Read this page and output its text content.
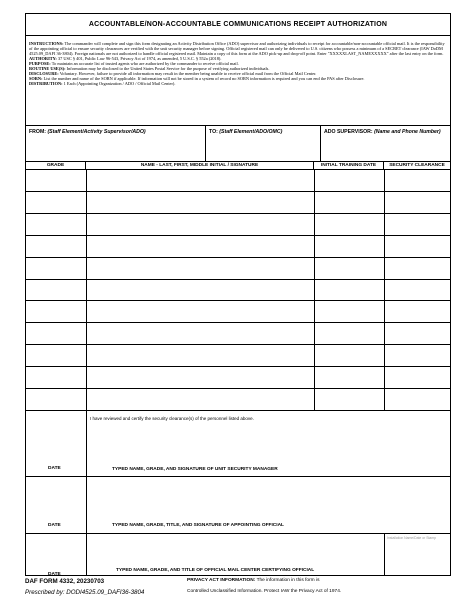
ACCOUNTABLE/NON-ACCOUNTABLE COMMUNICATIONS RECEIPT AUTHORIZATION
INSTRUCTIONS: The commander will complete and sign this form designating an Activity Distribution Office (ADO) supervisor and authorizing individuals to receipt for accountable/non-accountable official mail. It is the responsibility of the appointing official to ensure security clearances are verified with the unit security manager before signing. Official registered mail can only be delivered to U.S. citizens who possess a minimum of a SECRET clearance (IAW DoDM 4525.09_DAFI 36-3804). Foreign nationals are not authorized to handle official registered mail. Maintain a copy of this form at the ADO pick-up and drop-off point. Enter "XXXXXLAST_NAMEXXXXX" after the last entry on the form.
AUTHORITY: 37 USC § 401, Public Law 96-543, Privacy Act of 1974, as amended, 5 U.S.C. § 552a (2018).
PURPOSE: To maintain an accurate list of trusted agents who are authorized by the commander to receive official mail.
ROUTINE USE(S): Information may be disclosed to the United States Postal Service for the purpose of verifying authorized individuals.
DISCLOSURE: Voluntary. However, failure to provide all information may result in the member being unable to receive official mail from the Official Mail Center.
SORN: List the number and name of the SORN if applicable. If information will not be stored in a system of record no SORN information is required and you can end the PAS after Disclosure.
DISTRIBUTION: 1 Each (Appointing Organization / ADO / Official Mail Center).
FROM: (Staff Element/Activity Supervisor/ADO)	TO: (Staff Element/ADO/OMC)	ADO SUPERVISOR: (Name and Phone Number)
GRADE	NAME - LAST, FIRST, MIDDLE INITIAL / SIGNATURE	INITIAL TRAINING DATE	SECURITY CLEARANCE
I have reviewed and certify the security clearance(s) of the personnel listed above.
DATE	TYPED NAME, GRADE, AND SIGNATURE OF UNIT SECURITY MANAGER
DATE	TYPED NAME, GRADE, TITLE, AND SIGNATURE OF APPOINTING OFFICIAL
DATE
TYPED NAME, GRADE, AND TITLE OF OFFICIAL MAIL CENTER CERTIFYING OFFICIAL
Installation Name/Date or Stamp
DAF FORM 4332, 20230703
Prescribed by: DODI4525.09_DAFI36-3804
PRIVACY ACT INFORMATION: The information in this form is
Controlled Unclassified Information. Protect IAW the Privacy Act of 1974.
